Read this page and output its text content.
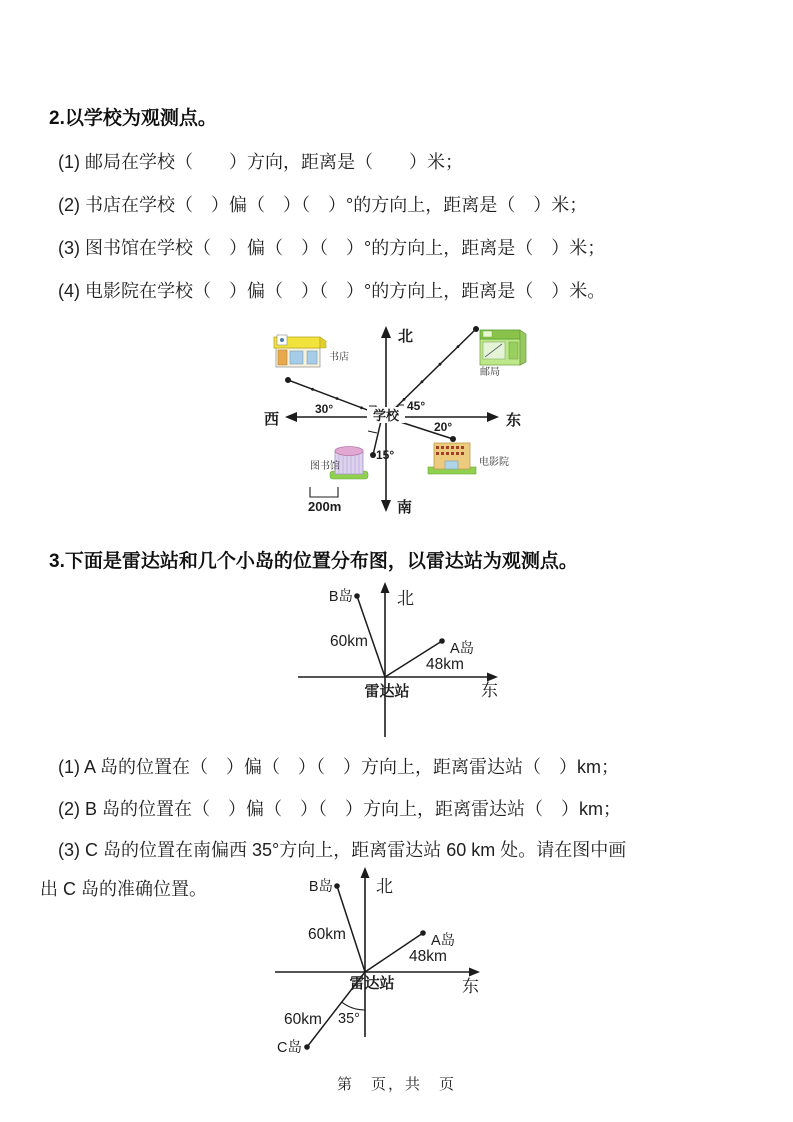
2.以学校为观测点。
(1) 邮局在学校（　　）方向，距离是（　　）米；
(2) 书店在学校（　）偏（　）（　）°的方向上，距离是（　）米；
(3) 图书馆在学校（　）偏（　）（　）°的方向上，距离是（　）米；
(4) 电影院在学校（　）偏（　）（　）°的方向上，距离是（　）米。
北
南
西	东
学校
30°	45°
20°
15°
书店
邮局
图书馆	电影院
200m
3.下面是雷达站和几个小岛的位置分布图，以雷达站为观测点。
雷达站
北
东
B岛
60km	A岛
48km
(1) A 岛的位置在（　）偏（　）（　）方向上，距离雷达站（　）km；
(2) B 岛的位置在（　）偏（　）（　）方向上，距离雷达站（　）km；
(3) C 岛的位置在南偏西 35°方向上，距离雷达站 60 km 处。请在图中画
出 C 岛的准确位置。
雷达站
北
东
B岛
60km	A岛
48km
C岛
60km 35°
第　页，共　页
